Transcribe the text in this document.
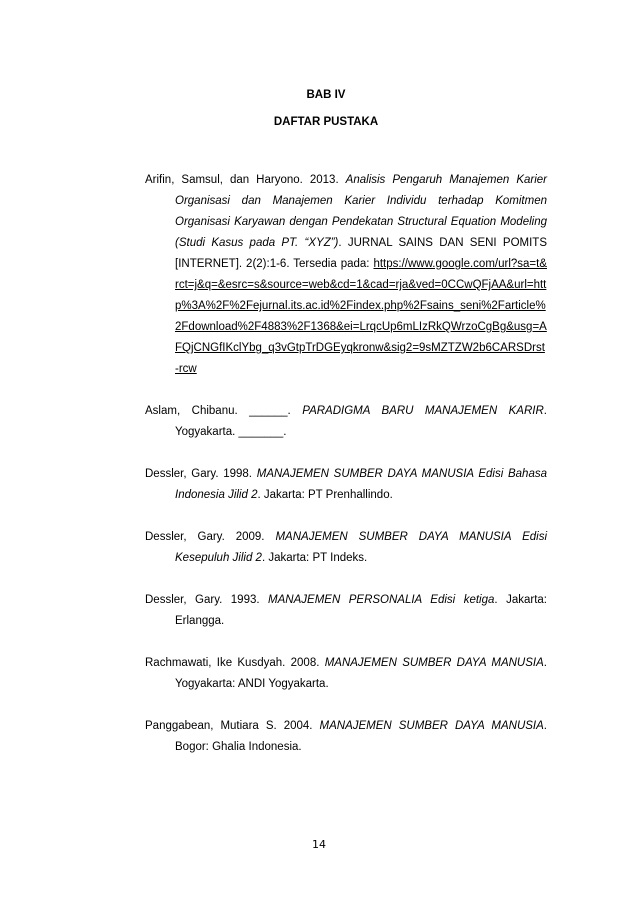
BAB IV
DAFTAR PUSTAKA

Arifin, Samsul, dan Haryono. 2013. Analisis Pengaruh Manajemen Karier Organisasi dan Manajemen Karier Individu terhadap Komitmen Organisasi Karyawan dengan Pendekatan Structural Equation Modeling (Studi Kasus pada PT. “XYZ”). JURNAL SAINS DAN SENI POMITS [INTERNET]. 2(2):1-6. Tersedia pada: https://www.google.com/url?sa=t&rct=j&q=&esrc=s&source=web&cd=1&cad=rja&ved=0CCwQFjAA&url=http%3A%2F%2Fejurnal.its.ac.id%2Findex.php%2Fsains_seni%2Farticle%2Fdownload%2F4883%2F1368&ei=LrqcUp6mLIzRkQWrzoCgBg&usg=AFQjCNGfIKclYbg_q3vGtpTrDGEyqkronw&sig2=9sMZTZW2b6CARSDrst-rcw

Aslam, Chibanu. ______. PARADIGMA BARU MANAJEMEN KARIR. Yogyakarta. _______.

Dessler, Gary. 1998. MANAJEMEN SUMBER DAYA MANUSIA Edisi Bahasa Indonesia Jilid 2. Jakarta: PT Prenhallindo.

Dessler, Gary. 2009. MANAJEMEN SUMBER DAYA MANUSIA Edisi Kesepuluh Jilid 2. Jakarta: PT Indeks.

Dessler, Gary. 1993. MANAJEMEN PERSONALIA Edisi ketiga. Jakarta: Erlangga.

Rachmawati, Ike Kusdyah. 2008. MANAJEMEN SUMBER DAYA MANUSIA. Yogyakarta: ANDI Yogyakarta.

Panggabean, Mutiara S. 2004. MANAJEMEN SUMBER DAYA MANUSIA. Bogor: Ghalia Indonesia.

14
